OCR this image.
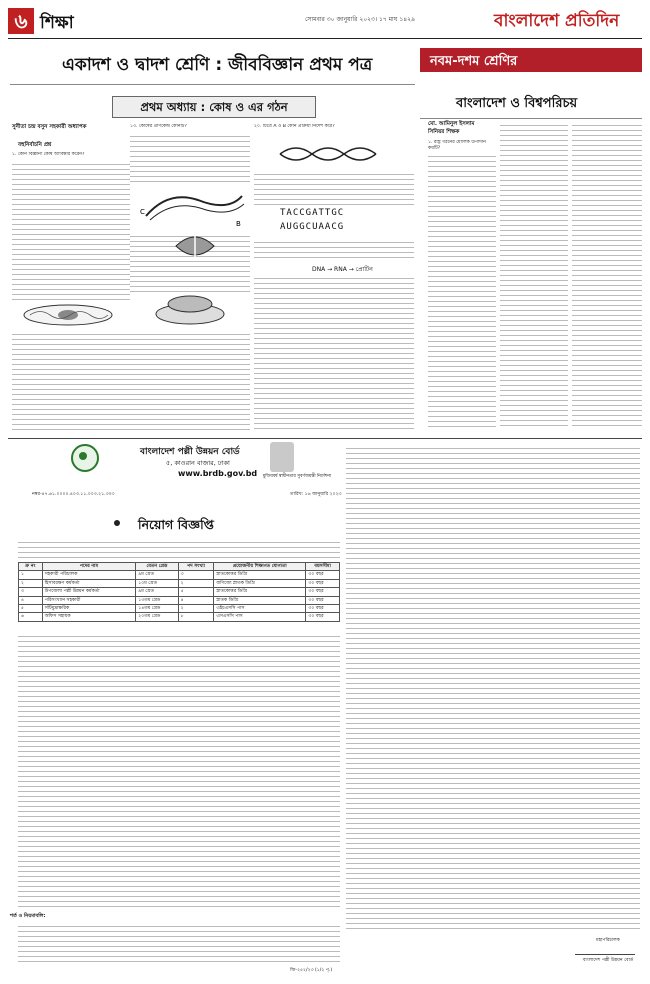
৬ শিক্ষা	সোমবার ৩০ জানুয়ারি ২০২৩। ১৭ মাঘ ১৪২৯	বাংলাদেশ প্রতিদিন
একাদশ ও দ্বাদশ শ্রেণি : জীববিজ্ঞান প্রথম পত্র
প্রথম অধ্যায় : কোষ ও এর গঠন
সুনীতা চন্দ্র বসুন সহকারী অধ্যাপক
বহুনির্বাচনি প্রশ্ন
১. কোন বিজ্ঞানী কোষ আবিষ্কার করেন?
১৩. কোষের প্রাণকেন্দ্র কোনটি?
C
B
২০. চিত্রে A ও B কোন প্রক্রিয়া নির্দেশ করে?
TACCGATTGC
AUGGCUAACG
DNA → RNA → প্রোটিন
নবম-দশম শ্রেণির
বাংলাদেশ ও বিশ্বপরিচয়
মো. আমিনুল ইসলাম
সিনিয়র শিক্ষক
১. রাষ্ট্র গঠনের মৌলিক উপাদান কয়টি?
বাংলাদেশ পল্লী উন্নয়ন বোর্ড
৫, কাওরান বাজার, ঢাকা
www.brdb.gov.bd	মুজিববর্ষ স্বাধীনতার সুবর্ণজয়ন্তী নির্দেশনা
নম্বর-৪৭.৬১.০০০০.৪০৩.১১.০০৩.২১.৩০৩	তারিখ: ১৬ জানুয়ারি ২০২৩
নিয়োগ বিজ্ঞপ্তি
ক্র নং	পদের নাম	বেতন গ্রেড	পদ সংখ্যা	প্রয়োজনীয় শিক্ষাগত যোগ্যতা	বয়সসীমা
১	সহকারী পরিচালক	৯ম গ্রেড	৩	স্নাতকোত্তর ডিগ্রি	৩০ বছর
২	হিসাবরক্ষণ কর্মকর্তা	১০ম গ্রেড	২	বাণিজ্যে স্নাতক ডিগ্রি	৩০ বছর
৩	উপজেলা পল্লী উন্নয়ন কর্মকর্তা	৯ম গ্রেড	৫	স্নাতকোত্তর ডিগ্রি	৩০ বছর
৪	পরিসংখ্যান সহকারী	১৩তম গ্রেড	৪	স্নাতক ডিগ্রি	৩০ বছর
৫	সাঁটমুদ্রাক্ষরিক	১৪তম গ্রেড	২	এইচএসসি পাস	৩০ বছর
৬	অফিস সহায়ক	২০তম গ্রেড	৮	এসএসসি পাস	৩০ বছর
শর্ত ও নিয়মাবলি:
মহাপরিচালক
বাংলাদেশ পল্লী উন্নয়ন বোর্ড
জি-২৫২/২৩ (১/২ পৃ.)
